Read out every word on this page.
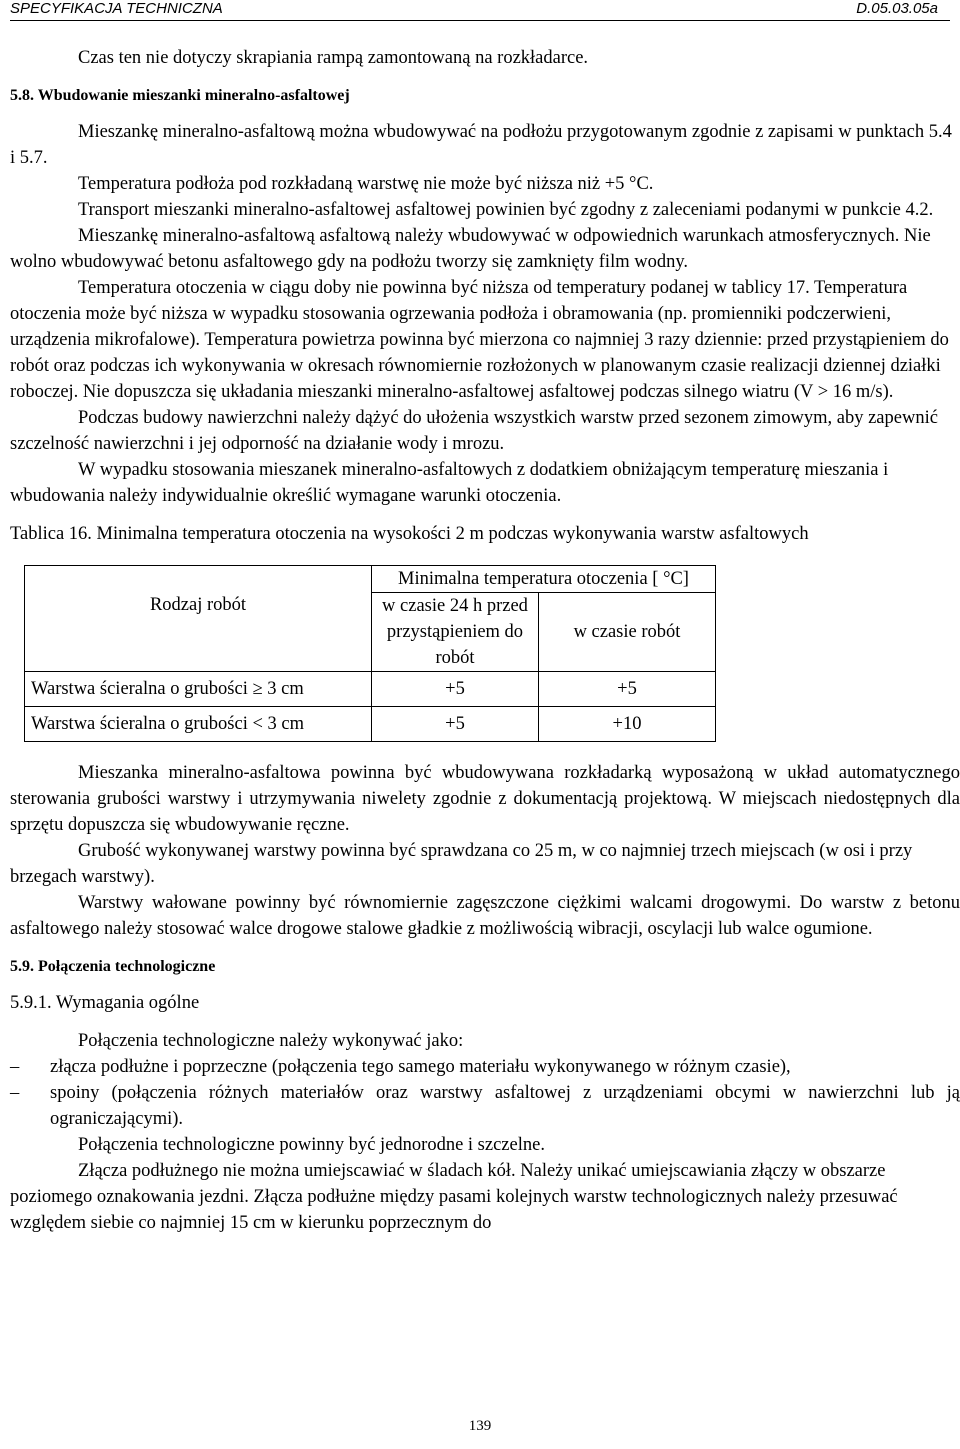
SPECYFIKACJA TECHNICZNA	D.05.03.05a

Czas ten nie dotyczy skrapiania rampą zamontowaną na rozkładarce.

5.8. Wbudowanie mieszanki mineralno-asfaltowej

Mieszankę mineralno-asfaltową można wbudowywać na podłożu przygotowanym zgodnie z zapisami w punktach 5.4 i 5.7.

Temperatura podłoża pod rozkładaną warstwę nie może być niższa niż +5 °C.

Transport mieszanki mineralno-asfaltowej asfaltowej powinien być zgodny z zaleceniami podanymi w punkcie 4.2.

Mieszankę mineralno-asfaltową asfaltową należy wbudowywać w odpowiednich warunkach atmosferycznych. Nie wolno wbudowywać betonu asfaltowego gdy na podłożu tworzy się zamknięty film wodny.

Temperatura otoczenia w ciągu doby nie powinna być niższa od temperatury podanej w tablicy 17. Temperatura otoczenia może być niższa w wypadku stosowania ogrzewania podłoża i obramowania (np. promienniki podczerwieni, urządzenia mikrofalowe). Temperatura powietrza powinna być mierzona co najmniej 3 razy dziennie: przed przystąpieniem do robót oraz podczas ich wykonywania w okresach równomiernie rozłożonych w planowanym czasie realizacji dziennej działki roboczej. Nie dopuszcza się układania mieszanki mineralno-asfaltowej asfaltowej podczas silnego wiatru (V > 16 m/s).

Podczas budowy nawierzchni należy dążyć do ułożenia wszystkich warstw przed sezonem zimowym, aby zapewnić szczelność nawierzchni i jej odporność na działanie wody i mrozu.

W wypadku stosowania mieszanek mineralno-asfaltowych z dodatkiem obniżającym temperaturę mieszania i wbudowania należy indywidualnie określić wymagane warunki otoczenia.

Tablica 16. Minimalna temperatura otoczenia na wysokości 2 m podczas wykonywania warstw asfaltowych

Rodzaj robót	Minimalna temperatura otoczenia [ °C]	
	w czasie 24 h przed przystąpieniem do robót	w czasie robót
Warstwa ścieralna o grubości ≥ 3 cm	+5	+5
Warstwa ścieralna o grubości < 3 cm	+5	+10

Mieszanka mineralno-asfaltowa powinna być wbudowywana rozkładarką wyposażoną w układ automatycznego sterowania grubości warstwy i utrzymywania niwelety zgodnie z dokumentacją projektową. W miejscach niedostępnych dla sprzętu dopuszcza się wbudowywanie ręczne.

Grubość wykonywanej warstwy powinna być sprawdzana co 25 m, w co najmniej trzech miejscach (w osi i przy brzegach warstwy).

Warstwy wałowane powinny być równomiernie zagęszczone ciężkimi walcami drogowymi. Do warstw z betonu asfaltowego należy stosować walce drogowe stalowe gładkie z możliwością wibracji, oscylacji lub walce ogumione.

5.9. Połączenia technologiczne

5.9.1. Wymagania ogólne

Połączenia technologiczne należy wykonywać jako:

– złącza podłużne i poprzeczne (połączenia tego samego materiału wykonywanego w różnym czasie),
– spoiny (połączenia różnych materiałów oraz warstwy asfaltowej z urządzeniami obcymi w nawierzchni lub ją ograniczającymi).

Połączenia technologiczne powinny być jednorodne i szczelne.

Złącza podłużnego nie można umiejscawiać w śladach kół. Należy unikać umiejscawiania złączy w obszarze poziomego oznakowania jezdni. Złącza podłużne między pasami kolejnych warstw technologicznych należy przesuwać względem siebie co najmniej 15 cm w kierunku poprzecznym do

139
